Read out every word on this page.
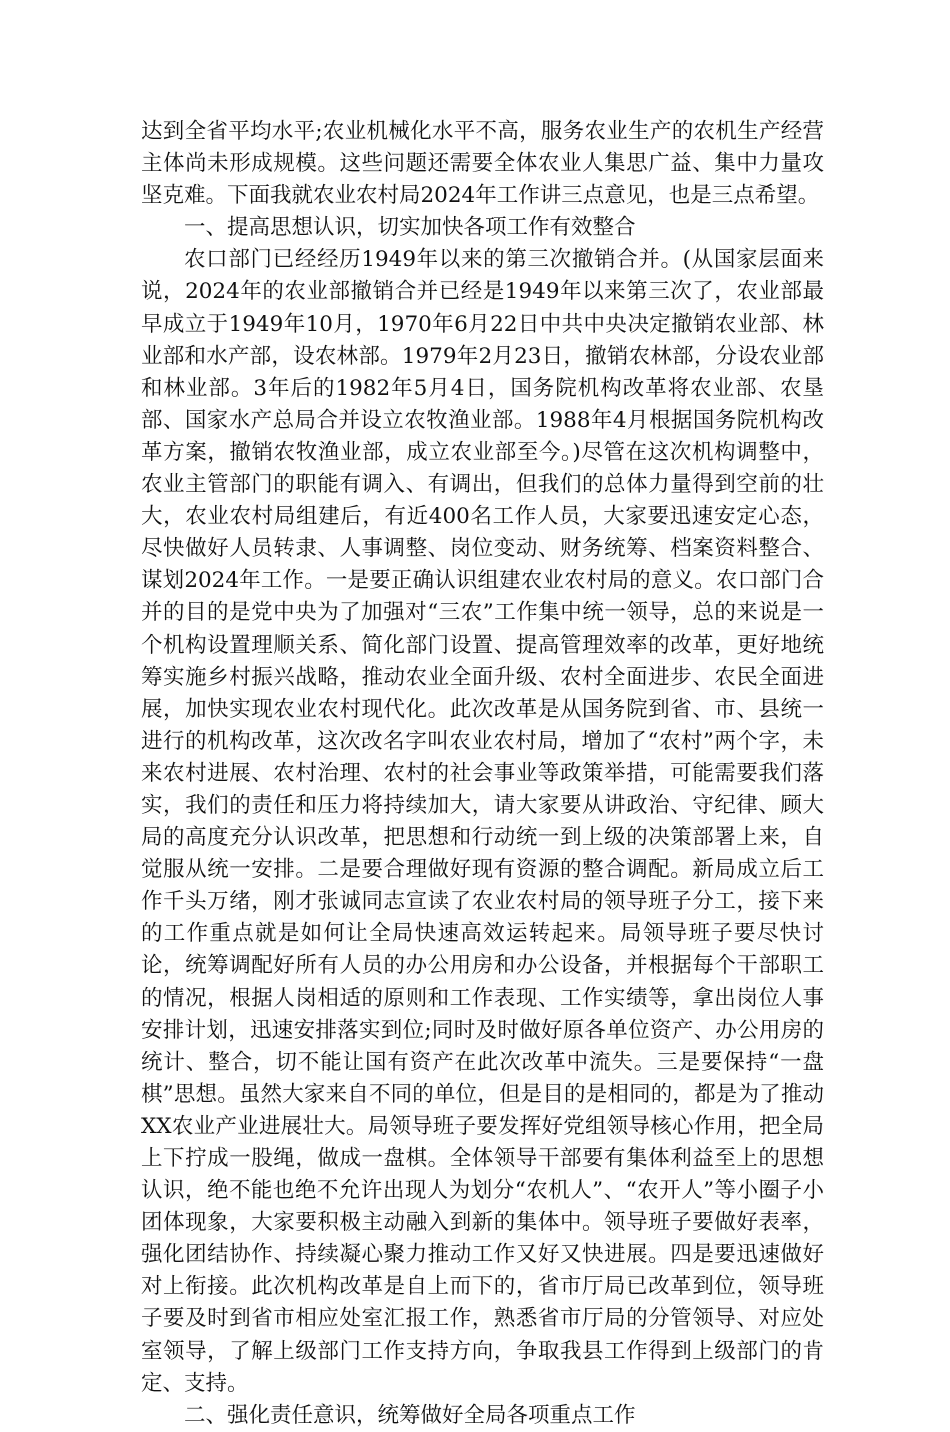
达到全省平均水平;农业机械化水平不高，服务农业生产的农机生产经营主体尚未形成规模。这些问题还需要全体农业人集思广益、集中力量攻坚克难。下面我就农业农村局2024年工作讲三点意见，也是三点希望。

一、提高思想认识，切实加快各项工作有效整合

农口部门已经经历1949年以来的第三次撤销合并。(从国家层面来说，2024年的农业部撤销合并已经是1949年以来第三次了，农业部最早成立于1949年10月，1970年6月22日中共中央决定撤销农业部、林业部和水产部，设农林部。1979年2月23日，撤销农林部，分设农业部和林业部。3年后的1982年5月4日，国务院机构改革将农业部、农垦部、国家水产总局合并设立农牧渔业部。1988年4月根据国务院机构改革方案，撤销农牧渔业部，成立农业部至今。)尽管在这次机构调整中，农业主管部门的职能有调入、有调出，但我们的总体力量得到空前的壮大，农业农村局组建后，有近400名工作人员，大家要迅速安定心态，尽快做好人员转隶、人事调整、岗位变动、财务统筹、档案资料整合、谋划2024年工作。一是要正确认识组建农业农村局的意义。农口部门合并的目的是党中央为了加强对“三农”工作集中统一领导，总的来说是一个机构设置理顺关系、简化部门设置、提高管理效率的改革，更好地统筹实施乡村振兴战略，推动农业全面升级、农村全面进步、农民全面进展，加快实现农业农村现代化。此次改革是从国务院到省、市、县统一进行的机构改革，这次改名字叫农业农村局，增加了“农村”两个字，未来农村进展、农村治理、农村的社会事业等政策举措，可能需要我们落实，我们的责任和压力将持续加大，请大家要从讲政治、守纪律、顾大局的高度充分认识改革，把思想和行动统一到上级的决策部署上来，自觉服从统一安排。二是要合理做好现有资源的整合调配。新局成立后工作千头万绪，刚才张诚同志宣读了农业农村局的领导班子分工，接下来的工作重点就是如何让全局快速高效运转起来。局领导班子要尽快讨论，统筹调配好所有人员的办公用房和办公设备，并根据每个干部职工的情况，根据人岗相适的原则和工作表现、工作实绩等，拿出岗位人事安排计划，迅速安排落实到位;同时及时做好原各单位资产、办公用房的统计、整合，切不能让国有资产在此次改革中流失。三是要保持“一盘棋”思想。虽然大家来自不同的单位，但是目的是相同的，都是为了推动XX农业产业进展壮大。局领导班子要发挥好党组领导核心作用，把全局上下拧成一股绳，做成一盘棋。全体领导干部要有集体利益至上的思想认识，绝不能也绝不允许出现人为划分“农机人”、“农开人”等小圈子小团体现象，大家要积极主动融入到新的集体中。领导班子要做好表率，强化团结协作、持续凝心聚力推动工作又好又快进展。四是要迅速做好对上衔接。此次机构改革是自上而下的，省市厅局已改革到位，领导班子要及时到省市相应处室汇报工作，熟悉省市厅局的分管领导、对应处室领导，了解上级部门工作支持方向，争取我县工作得到上级部门的肯定、支持。

二、强化责任意识，统筹做好全局各项重点工作
